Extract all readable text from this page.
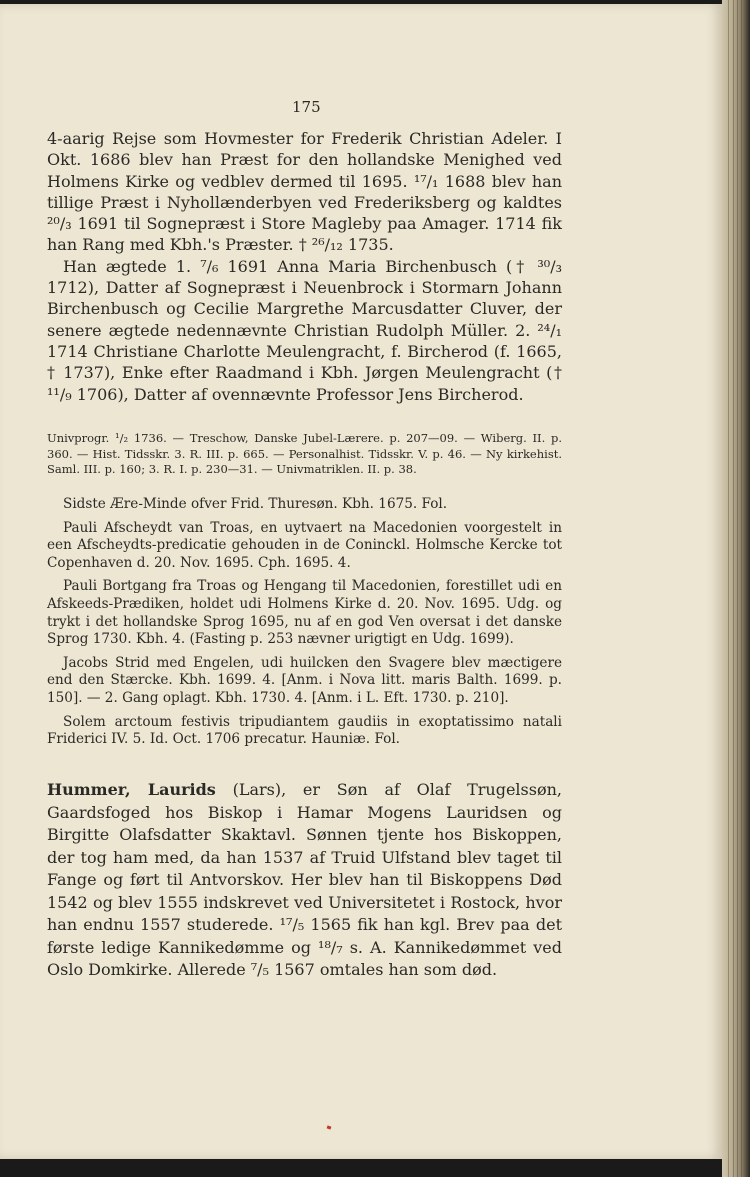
175

4-aarig Rejse som Hovmester for Frederik Christian Adeler. I Okt. 1686 blev han Præst for den hollandske Menighed ved Holmens Kirke og vedblev dermed til 1695. ¹⁷/₁ 1688 blev han tillige Præst i Nyhollænderbyen ved Frederiksberg og kaldtes ²⁰/₃ 1691 til Sognepræst i Store Magleby paa Amager. 1714 fik han Rang med Kbh.'s Præster. † ²⁶/₁₂ 1735.

Han ægtede 1. ⁷/₆ 1691 Anna Maria Birchenbusch († ³⁰/₃ 1712), Datter af Sognepræst i Neuenbrock i Stormarn Johann Birchenbusch og Cecilie Margrethe Marcusdatter Cluver, der senere ægtede nedennævnte Christian Rudolph Müller. 2. ²⁴/₁ 1714 Christiane Charlotte Meulengracht, f. Bircherod (f. 1665, † 1737), Enke efter Raadmand i Kbh. Jørgen Meulengracht († ¹¹/₉ 1706), Datter af ovennævnte Professor Jens Bircherod.

Univprogr. ¹/₂ 1736. — Treschow, Danske Jubel-Lærere. p. 207—09. — Wiberg. II. p. 360. — Hist. Tidsskr. 3. R. III. p. 665. — Personalhist. Tidsskr. V. p. 46. — Ny kirkehist. Saml. III. p. 160; 3. R. I. p. 230—31. — Univmatriklen. II. p. 38.

Sidste Ære-Minde ofver Frid. Thuresøn. Kbh. 1675. Fol.

Pauli Afscheydt van Troas, en uytvaert na Macedonien voorgestelt in een Afscheydts-predicatie gehouden in de Coninckl. Holmsche Kercke tot Copenhaven d. 20. Nov. 1695. Cph. 1695. 4.

Pauli Bortgang fra Troas og Hengang til Macedonien, forestillet udi en Afskeeds-Prædiken, holdet udi Holmens Kirke d. 20. Nov. 1695. Udg. og trykt i det hollandske Sprog 1695, nu af en god Ven oversat i det danske Sprog 1730. Kbh. 4. (Fasting p. 253 nævner urigtigt en Udg. 1699).

Jacobs Strid med Engelen, udi huilcken den Svagere blev mæctigere end den Stærcke. Kbh. 1699. 4. [Anm. i Nova litt. maris Balth. 1699. p. 150]. — 2. Gang oplagt. Kbh. 1730. 4. [Anm. i L. Eft. 1730. p. 210].

Solem arctoum festivis tripudiantem gaudiis in exoptatissimo natali Friderici IV. 5. Id. Oct. 1706 precatur. Hauniæ. Fol.

Hummer, Laurids (Lars), er Søn af Olaf Trugelssøn, Gaardsfoged hos Biskop i Hamar Mogens Lauridsen og Birgitte Olafsdatter Skaktavl. Sønnen tjente hos Biskoppen, der tog ham med, da han 1537 af Truid Ulfstand blev taget til Fange og ført til Antvorskov. Her blev han til Biskoppens Død 1542 og blev 1555 indskrevet ved Universitetet i Rostock, hvor han endnu 1557 studerede. ¹⁷/₅ 1565 fik han kgl. Brev paa det første ledige Kannikedømme og ¹⁸/₇ s. A. Kannikedømmet ved Oslo Domkirke. Allerede ⁷/₅ 1567 omtales han som død.
